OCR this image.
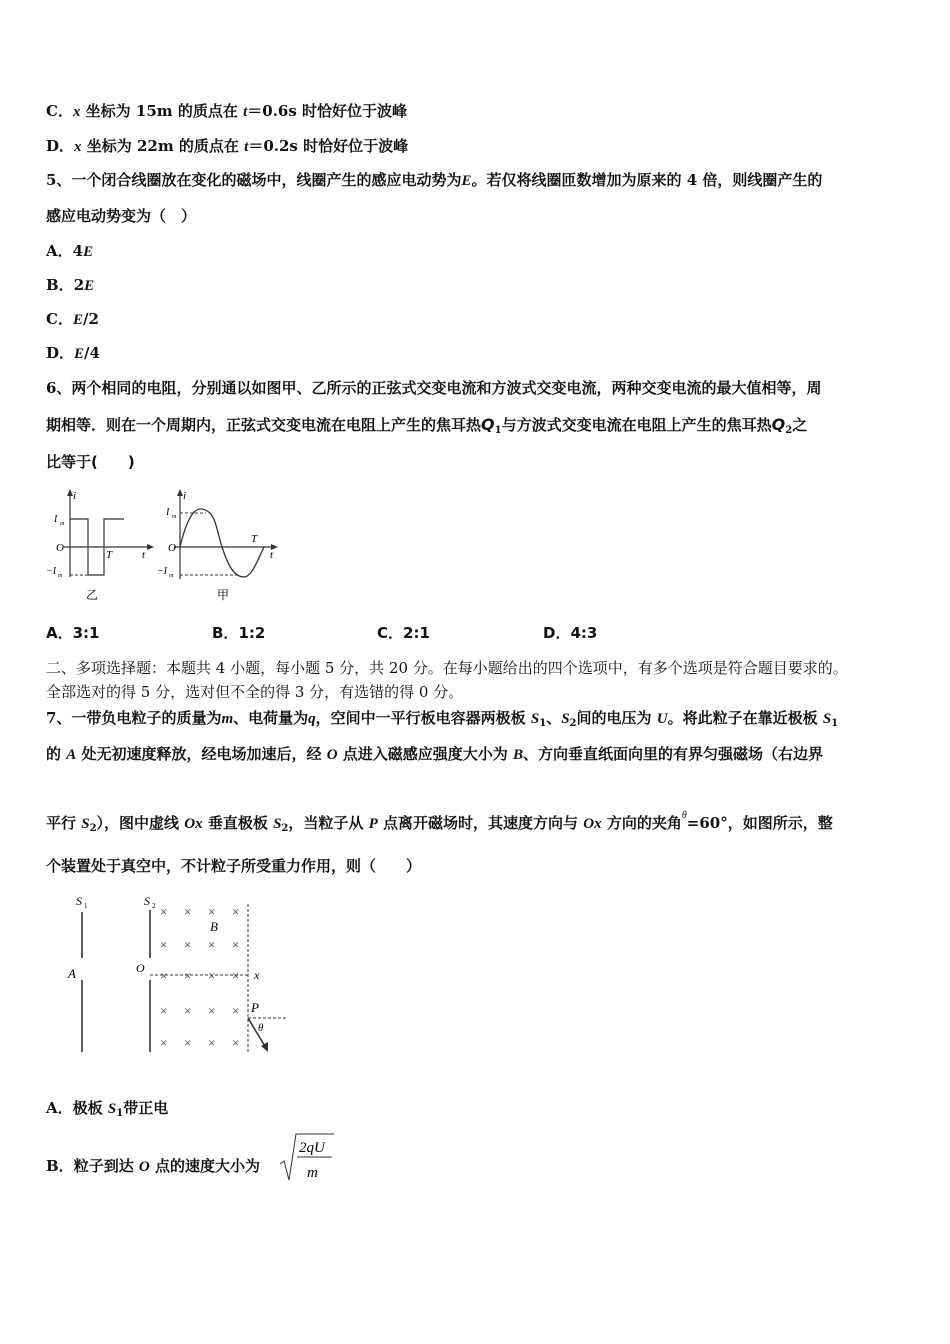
C．x 坐标为 15m 的质点在 t＝0.6s 时恰好位于波峰
D．x 坐标为 22m 的质点在 t＝0.2s 时恰好位于波峰
5、一个闭合线圈放在变化的磁场中，线圈产生的感应电动势为E。若仅将线圈匝数增加为原来的 4 倍，则线圈产生的
感应电动势变为（　）
A．4E
B．2E
C．E/2
D．E/4
6、两个相同的电阻，分别通以如图甲、乙所示的正弦式交变电流和方波式交变电流，两种交变电流的最大值相等，周
期相等．则在一个周期内，正弦式交变电流在电阻上产生的焦耳热$Q_1$与方波式交变电流在电阻上产生的焦耳热$Q_2$之
比等于(　　)
i
t
T
O
I m
−I m
乙
i
t
T
O
I m
−I m
甲
A．3:1	B．1:2	C．2:1	D．4:3
二、多项选择题：本题共 4 小题，每小题 5 分，共 20 分。在每小题给出的四个选项中，有多个选项是符合题目要求的。
全部选对的得 5 分，选对但不全的得 3 分，有选错的得 0 分。
7、一带负电粒子的质量为m、电荷量为q，空间中一平行板电容器两极板 $S_1$、$S_2$间的电压为 U。将此粒子在靠近极板 $S_1$
的 A 处无初速度释放，经电场加速后，经 O 点进入磁感应强度大小为 B、方向垂直纸面向里的有界匀强磁场（右边界
平行 $S_2$），图中虚线 Ox 垂直极板 $S_2$，当粒子从 P 点离开磁场时，其速度方向与 Ox 方向的夹角$^\theta$=60°，如图所示，整
个装置处于真空中，不计粒子所受重力作用，则（　　）
S 1
A
S 2
O	x
× × × ×
× × × ×
× × × ×
× × × ×
× × × ×
B
P
θ
A．极板 $S_1$带正电
B．粒子到达 O 点的速度大小为
2qU
m
